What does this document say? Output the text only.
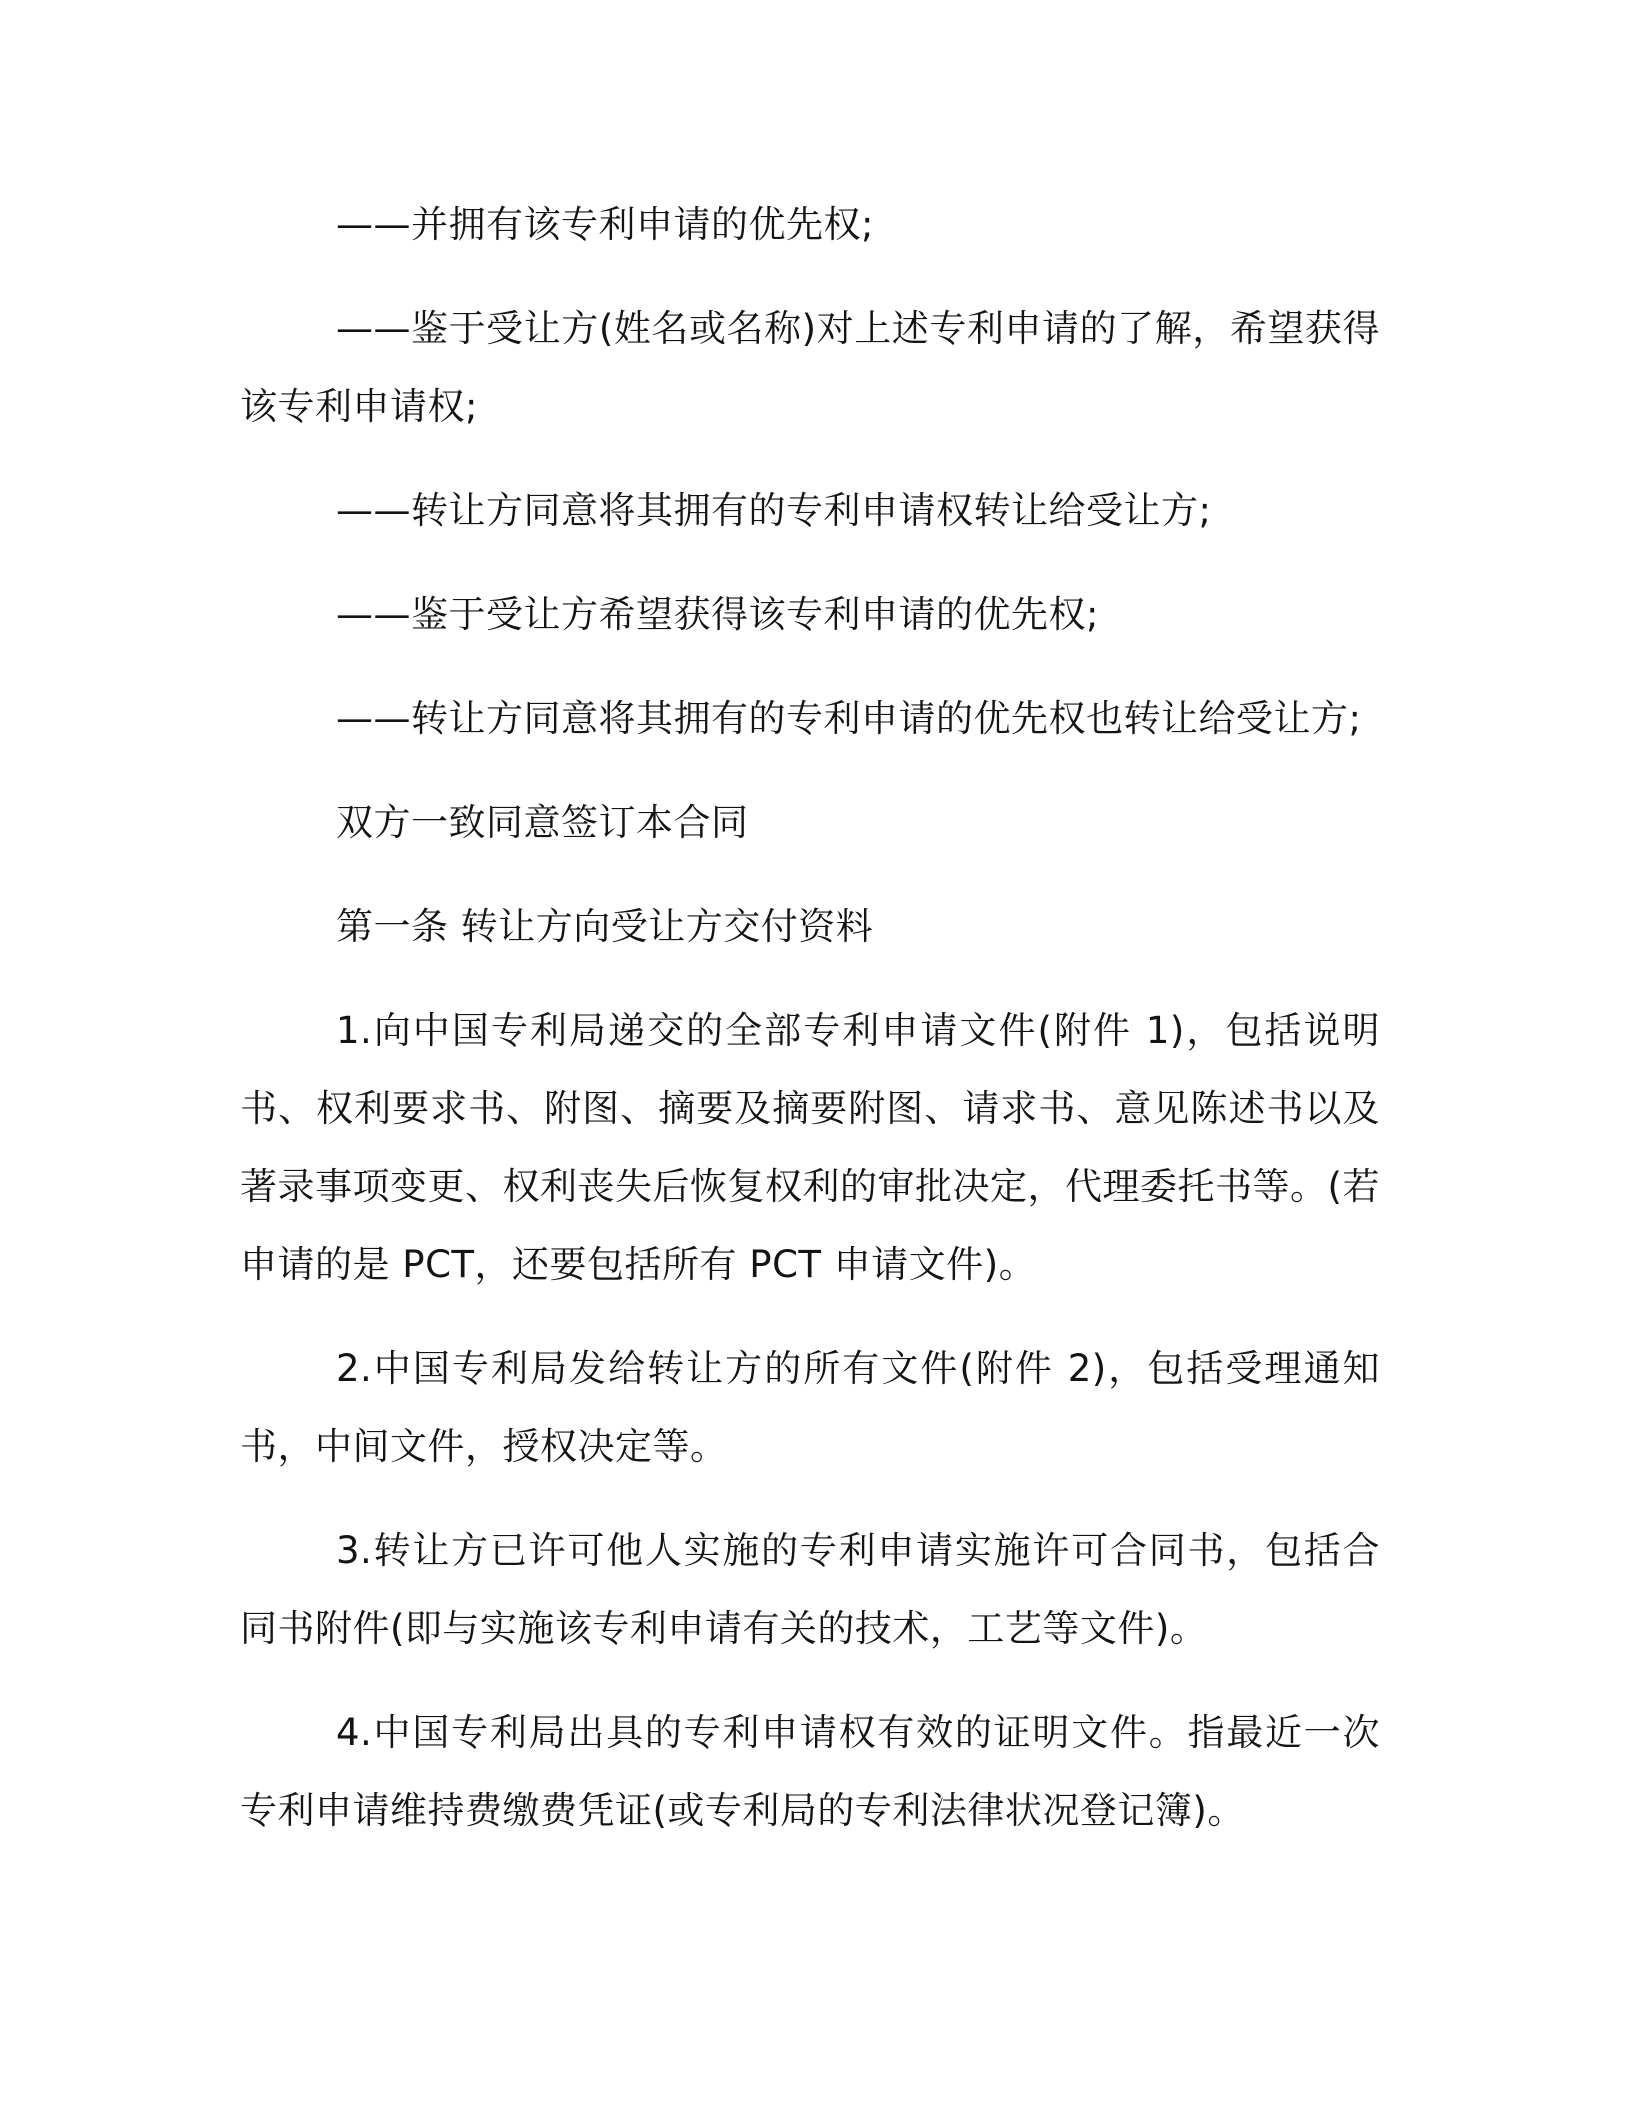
——并拥有该专利申请的优先权;

——鉴于受让方(姓名或名称)对上述专利申请的了解，希望获得该专利申请权;

——转让方同意将其拥有的专利申请权转让给受让方;

——鉴于受让方希望获得该专利申请的优先权;

——转让方同意将其拥有的专利申请的优先权也转让给受让方;

双方一致同意签订本合同

第一条 转让方向受让方交付资料

1.向中国专利局递交的全部专利申请文件(附件 1)，包括说明书、权利要求书、附图、摘要及摘要附图、请求书、意见陈述书以及著录事项变更、权利丧失后恢复权利的审批决定，代理委托书等。(若申请的是 PCT，还要包括所有 PCT 申请文件)。

2.中国专利局发给转让方的所有文件(附件 2)，包括受理通知书，中间文件，授权决定等。

3.转让方已许可他人实施的专利申请实施许可合同书，包括合同书附件(即与实施该专利申请有关的技术，工艺等文件)。

4.中国专利局出具的专利申请权有效的证明文件。指最近一次专利申请维持费缴费凭证(或专利局的专利法律状况登记簿)。
